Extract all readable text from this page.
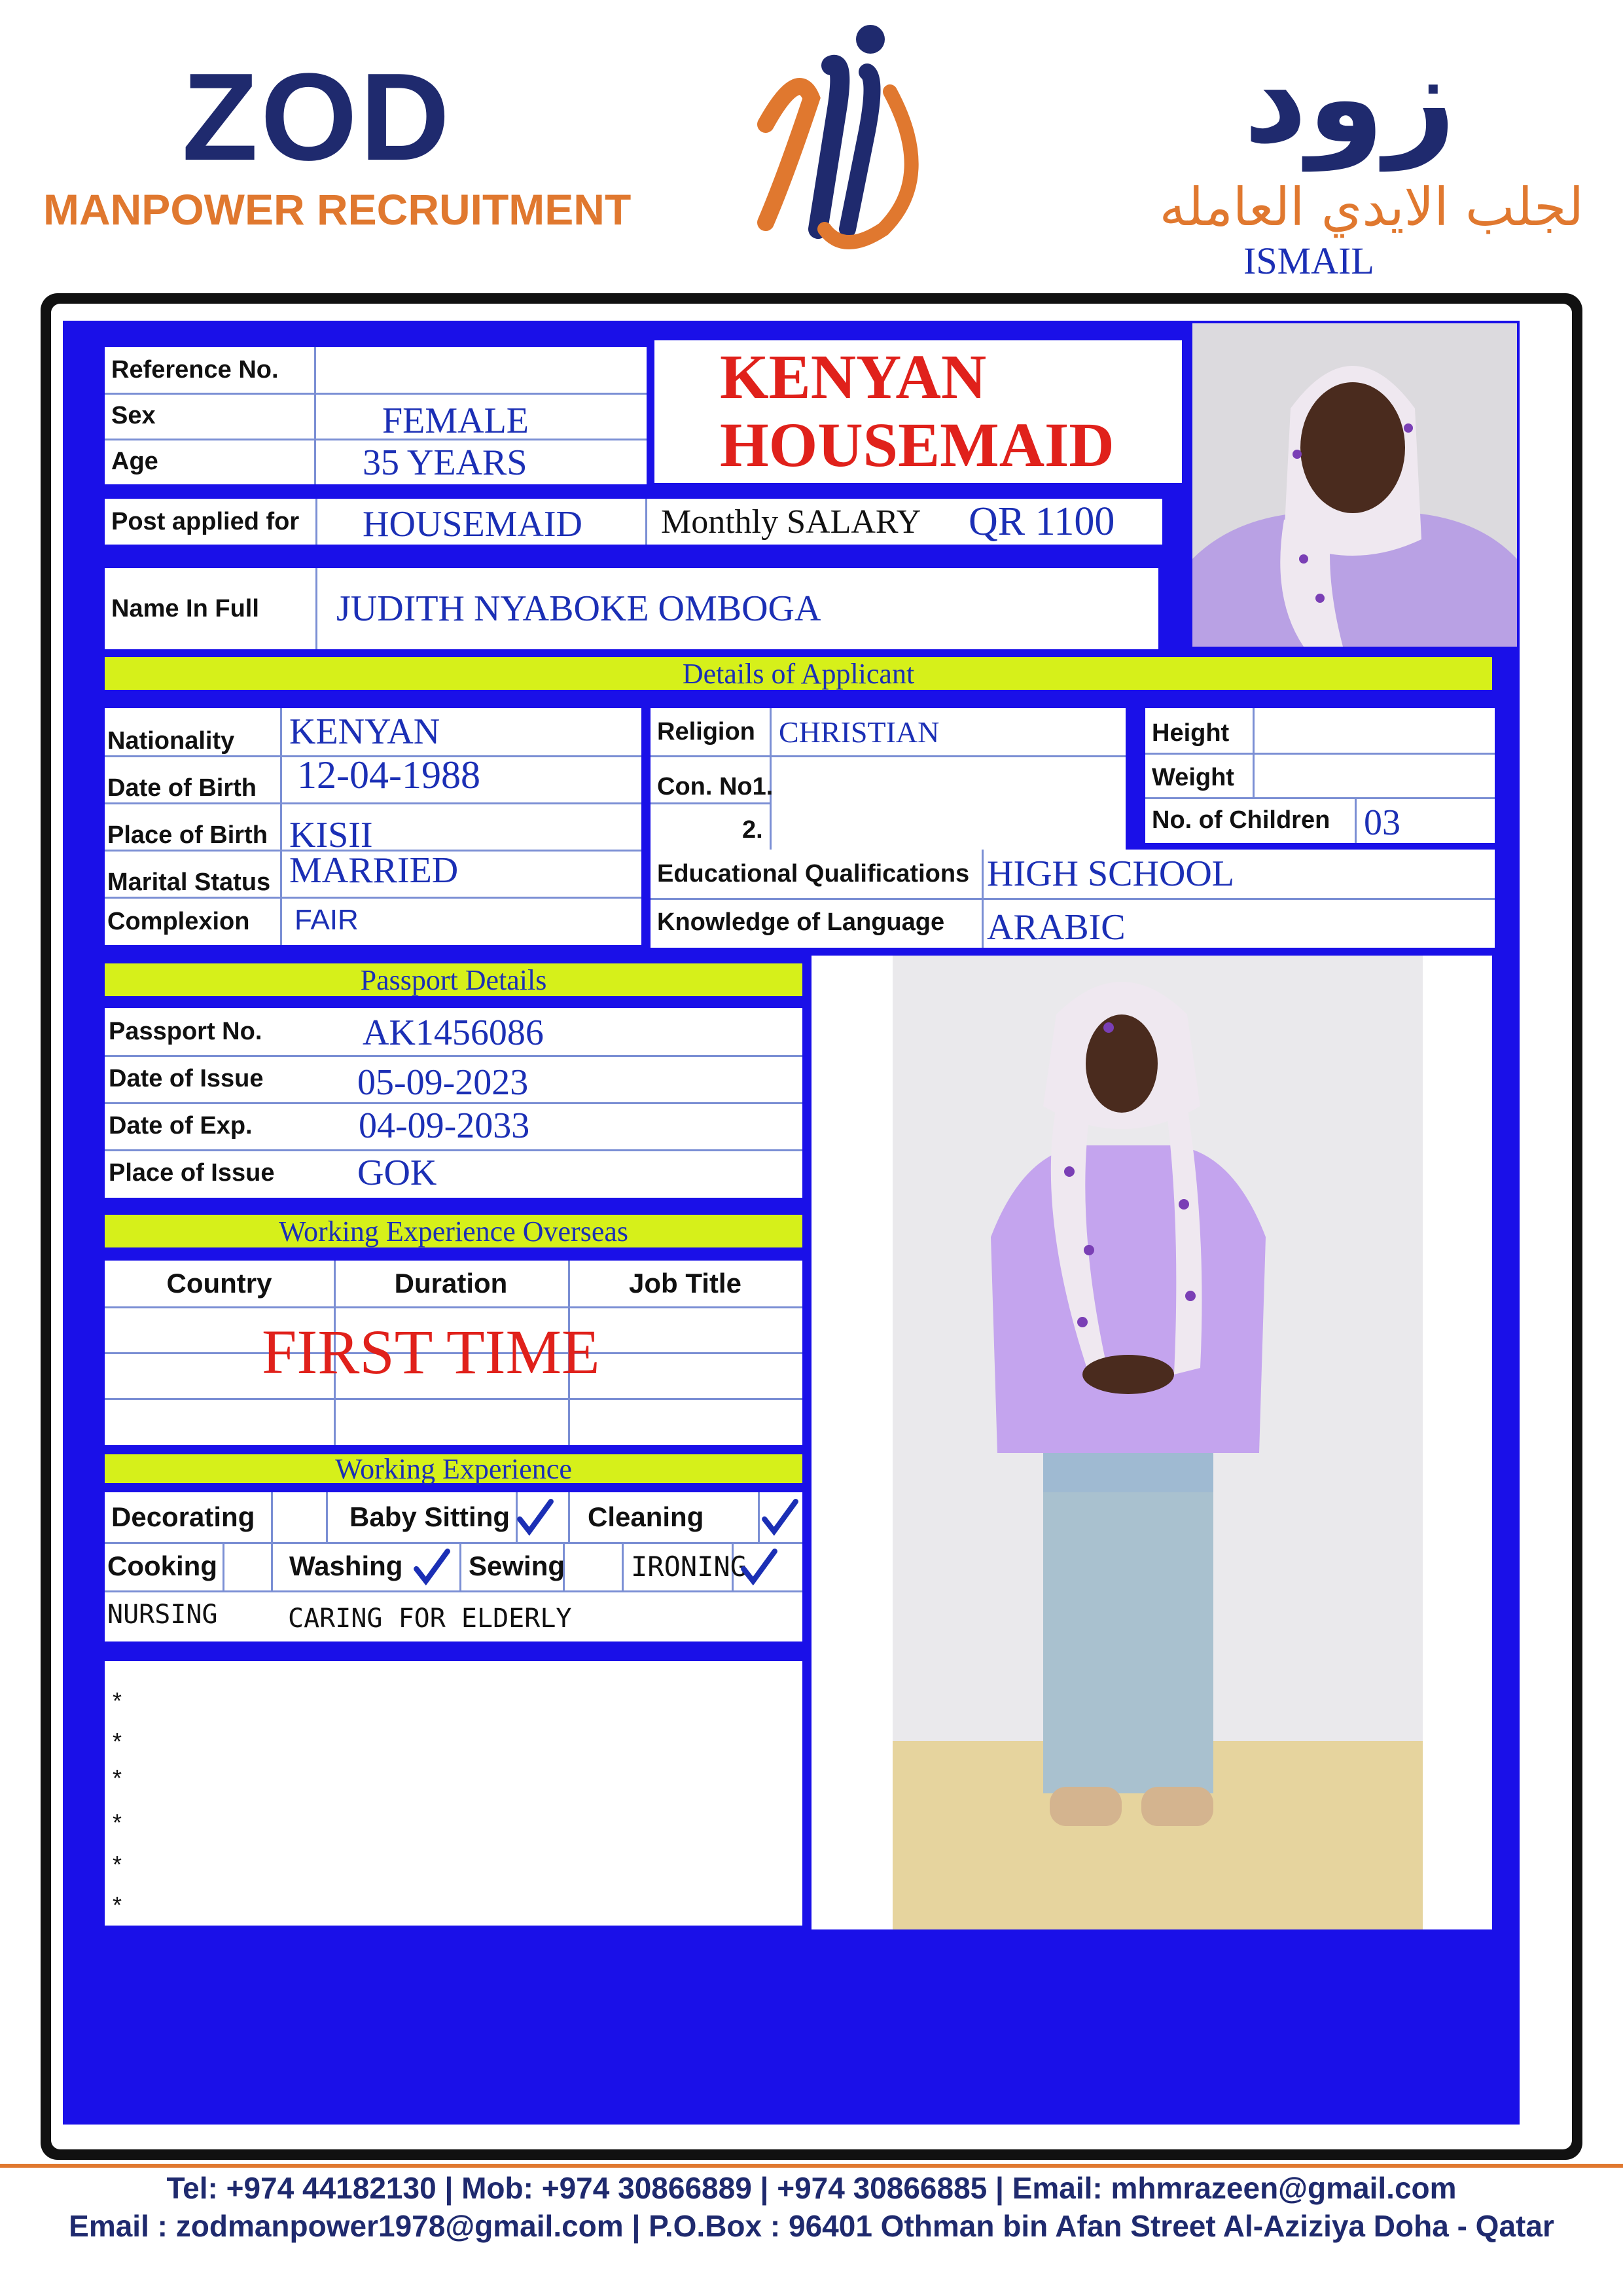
ZOD
MANPOWER RECRUITMENT
زود
لجلب الايدي العامله
ISMAIL
Reference No.
Sex	FEMALE
Age	35 YEARS
KENYAN
HOUSEMAID
Post applied for	HOUSEMAID Monthly SALARY QR 1100
Name In Full	JUDITH NYABOKE OMBOGA
Details of Applicant
Nationality KENYAN
Date of Birth 12-04-1988
Place of Birth KISII
Marital Status MARRIED
Complexion FAIR
Religion CHRISTIAN
Con. No1.
2.
Height
Weight
No. of Children 03
Educational Qualifications HIGH SCHOOL
Knowledge of Language ARABIC
Passport Details
Passport No.	AK1456086
Date of Issue	05-09-2023
Date of Exp.	04-09-2033
Place of Issue GOK
Working Experience Overseas
Country	Duration	Job Title
FIRST TIME
Working Experience
Decorating	Baby Sitting	Cleaning
Cooking	Washing Sewing IRONING
NURSING	CARING FOR ELDERLY
*
*
*
*
*
*
Tel: +974 44182130 | Mob: +974 30866889 | +974 30866885 | Email: mhmrazeen@gmail.com
Email : zodmanpower1978@gmail.com | P.O.Box : 96401 Othman bin Afan Street Al-Aziziya Doha - Qatar
